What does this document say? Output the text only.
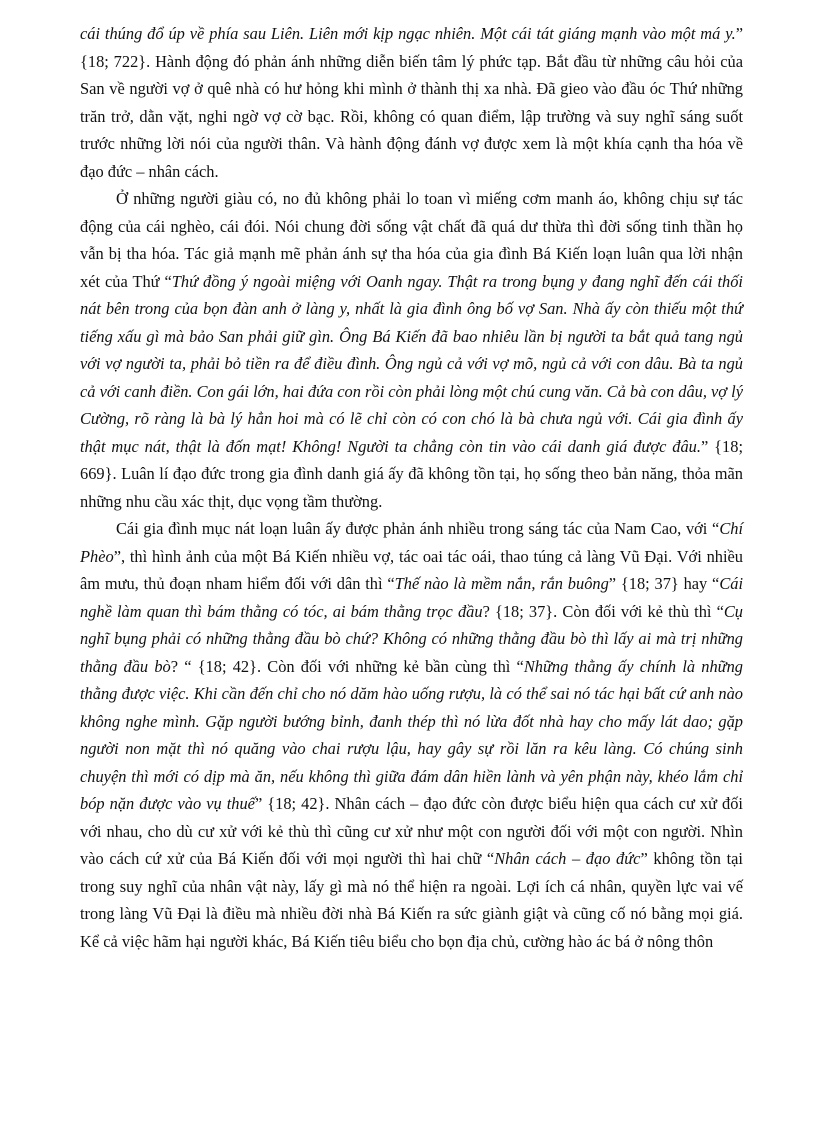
cái thúng đổ úp về phía sau Liên. Liên mới kịp ngạc nhiên. Một cái tát giáng mạnh vào một má y.” {18; 722}. Hành động đó phản ánh những diễn biến tâm lý phức tạp. Bắt đầu từ những câu hỏi của San về người vợ ở quê nhà có hư hỏng khi mình ở thành thị xa nhà. Đã gieo vào đầu óc Thứ những trăn trở, dằn vặt, nghi ngờ vợ cờ bạc. Rồi, không có quan điểm, lập trường và suy nghĩ sáng suốt trước những lời nói của người thân. Và hành động đánh vợ được xem là một khía cạnh tha hóa về đạo đức – nhân cách.

Ở những người giàu có, no đủ không phải lo toan vì miếng cơm manh áo, không chịu sự tác động của cái nghèo, cái đói. Nói chung đời sống vật chất đã quá dư thừa thì đời sống tinh thần họ vẫn bị tha hóa. Tác giả mạnh mẽ phản ánh sự tha hóa của gia đình Bá Kiến loạn luân qua lời nhận xét của Thứ “Thứ đồng ý ngoài miệng với Oanh ngay. Thật ra trong bụng y đang nghĩ đến cái thối nát bên trong của bọn đàn anh ở làng y, nhất là gia đình ông bố vợ San. Nhà ấy còn thiếu một thứ tiếng xấu gì mà bảo San phải giữ gìn. Ông Bá Kiến đã bao nhiêu lần bị người ta bắt quả tang ngủ với vợ người ta, phải bỏ tiền ra để điều đình. Ông ngủ cả với vợ mõ, ngủ cả với con dâu. Bà ta ngủ cả với canh điền. Con gái lớn, hai đứa con rồi còn phải lòng một chú cung văn. Cả bà con dâu, vợ lý Cường, rõ ràng là bà lý hẳn hoi mà có lẽ chỉ còn có con chó là bà chưa ngủ với. Cái gia đình ấy thật mục nát, thật là đốn mạt! Không! Người ta chẳng còn tin vào cái danh giá được đâu.” {18; 669}. Luân lí đạo đức trong gia đình danh giá ấy đã không tồn tại, họ sống theo bản năng, thỏa mãn những nhu cầu xác thịt, dục vọng tầm thường.

Cái gia đình mục nát loạn luân ấy được phản ánh nhiều trong sáng tác của Nam Cao, với “Chí Phèo”, thì hình ảnh của một Bá Kiến nhiều vợ, tác oai tác oái, thao túng cả làng Vũ Đại. Với nhiều âm mưu, thủ đoạn nham hiểm đối với dân thì “Thế nào là mềm nắn, rắn buông” {18; 37} hay “Cái nghề làm quan thì bám thằng có tóc, ai bám thằng trọc đầu? {18; 37}. Còn đối với kẻ thù thì “Cụ nghĩ bụng phải có những thằng đầu bò chứ? Không có những thằng đầu bò thì lấy ai mà trị những thằng đầu bò? “ {18; 42}. Còn đối với những kẻ bần cùng thì “Những thằng ấy chính là những thằng được việc. Khi cần đến chỉ cho nó dăm hào uống rượu, là có thể sai nó tác hại bất cứ anh nào không nghe mình. Gặp người bướng bỉnh, đanh thép thì nó lừa đốt nhà hay cho mấy lát dao; gặp người non mặt thì nó quăng vào chai rượu lậu, hay gây sự rồi lăn ra kêu làng. Có chúng sinh chuyện thì mới có dịp mà ăn, nếu không thì giữa đám dân hiền lành và yên phận này, khéo lắm chỉ bóp nặn được vào vụ thuế” {18; 42}. Nhân cách – đạo đức còn được biểu hiện qua cách cư xử đối với nhau, cho dù cư xử với kẻ thù thì cũng cư xử như một con người đối với một con người. Nhìn vào cách cứ xử của Bá Kiến đối với mọi người thì hai chữ “Nhân cách – đạo đức” không tồn tại trong suy nghĩ của nhân vật này, lấy gì mà nó thể hiện ra ngoài. Lợi ích cá nhân, quyền lực vai vế trong làng Vũ Đại là điều mà nhiều đời nhà Bá Kiến ra sức giành giật và cũng cố nó bằng mọi giá. Kể cả việc hãm hại người khác, Bá Kiến tiêu biểu cho bọn địa chủ, cường hào ác bá ở nông thôn
